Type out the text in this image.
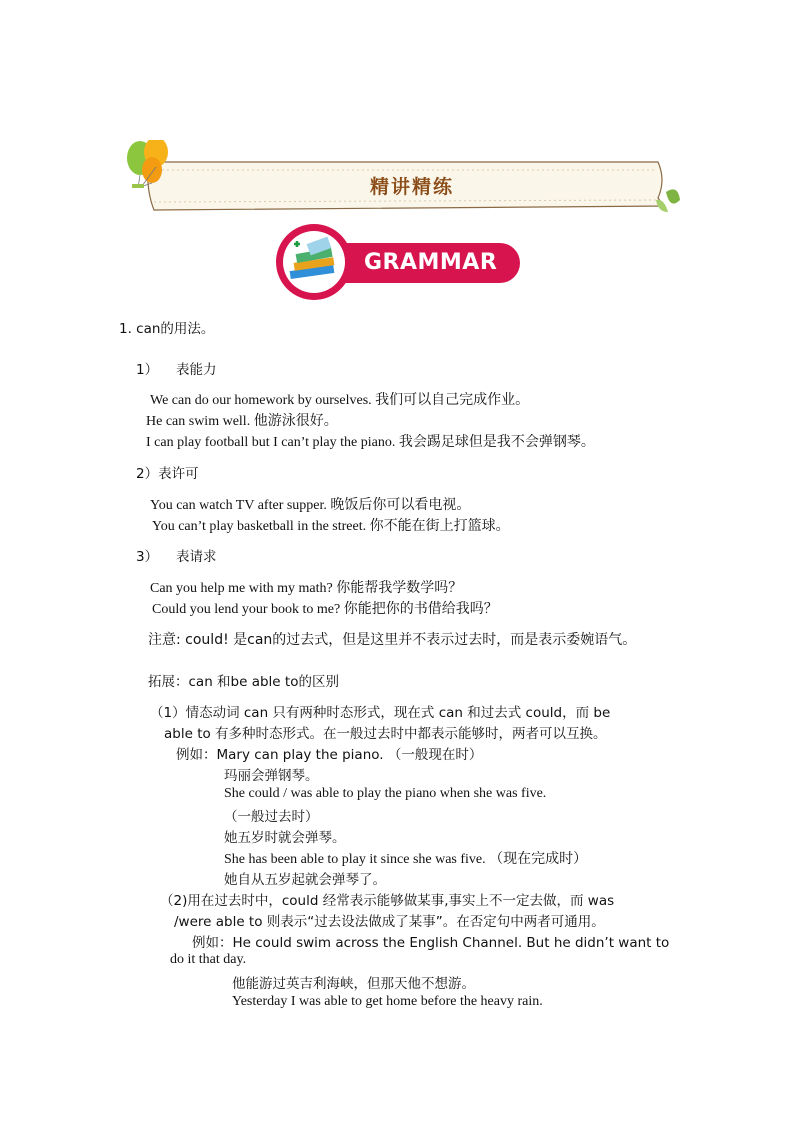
精讲精练
GRAMMAR
1. can的用法。
1） 表能力
We can do our homework by ourselves. 我们可以自己完成作业。
He can swim well. 他游泳很好。
I can play football but I can’t play the piano. 我会踢足球但是我不会弹钢琴。
2）表许可
You can watch TV after supper. 晚饭后你可以看电视。
You can’t play basketball in the street. 你不能在街上打篮球。
3） 表请求
Can you help me with my math? 你能帮我学数学吗？
Could you lend your book to me? 你能把你的书借给我吗？
注意: could! 是can的过去式，但是这里并不表示过去时，而是表示委婉语气。
拓展：can 和be able to的区别
（1）情态动词 can 只有两种时态形式，现在式 can 和过去式 could，而 be
able to 有多种时态形式。在一般过去时中都表示能够时，两者可以互换。
例如：Mary can play the piano. （一般现在时）
玛丽会弹钢琴。
She could / was able to play the piano when she was five.
（一般过去时）
她五岁时就会弹琴。
She has been able to play it since she was five. （现在完成时）
她自从五岁起就会弹琴了。
（2)用在过去时中，could 经常表示能够做某事,事实上不一定去做，而 was
/were able to 则表示“过去设法做成了某事”。在否定句中两者可通用。
例如：He could swim across the English Channel. But he didn’t want to
do it that day.
他能游过英吉利海峡，但那天他不想游。
Yesterday I was able to get home before the heavy rain.
